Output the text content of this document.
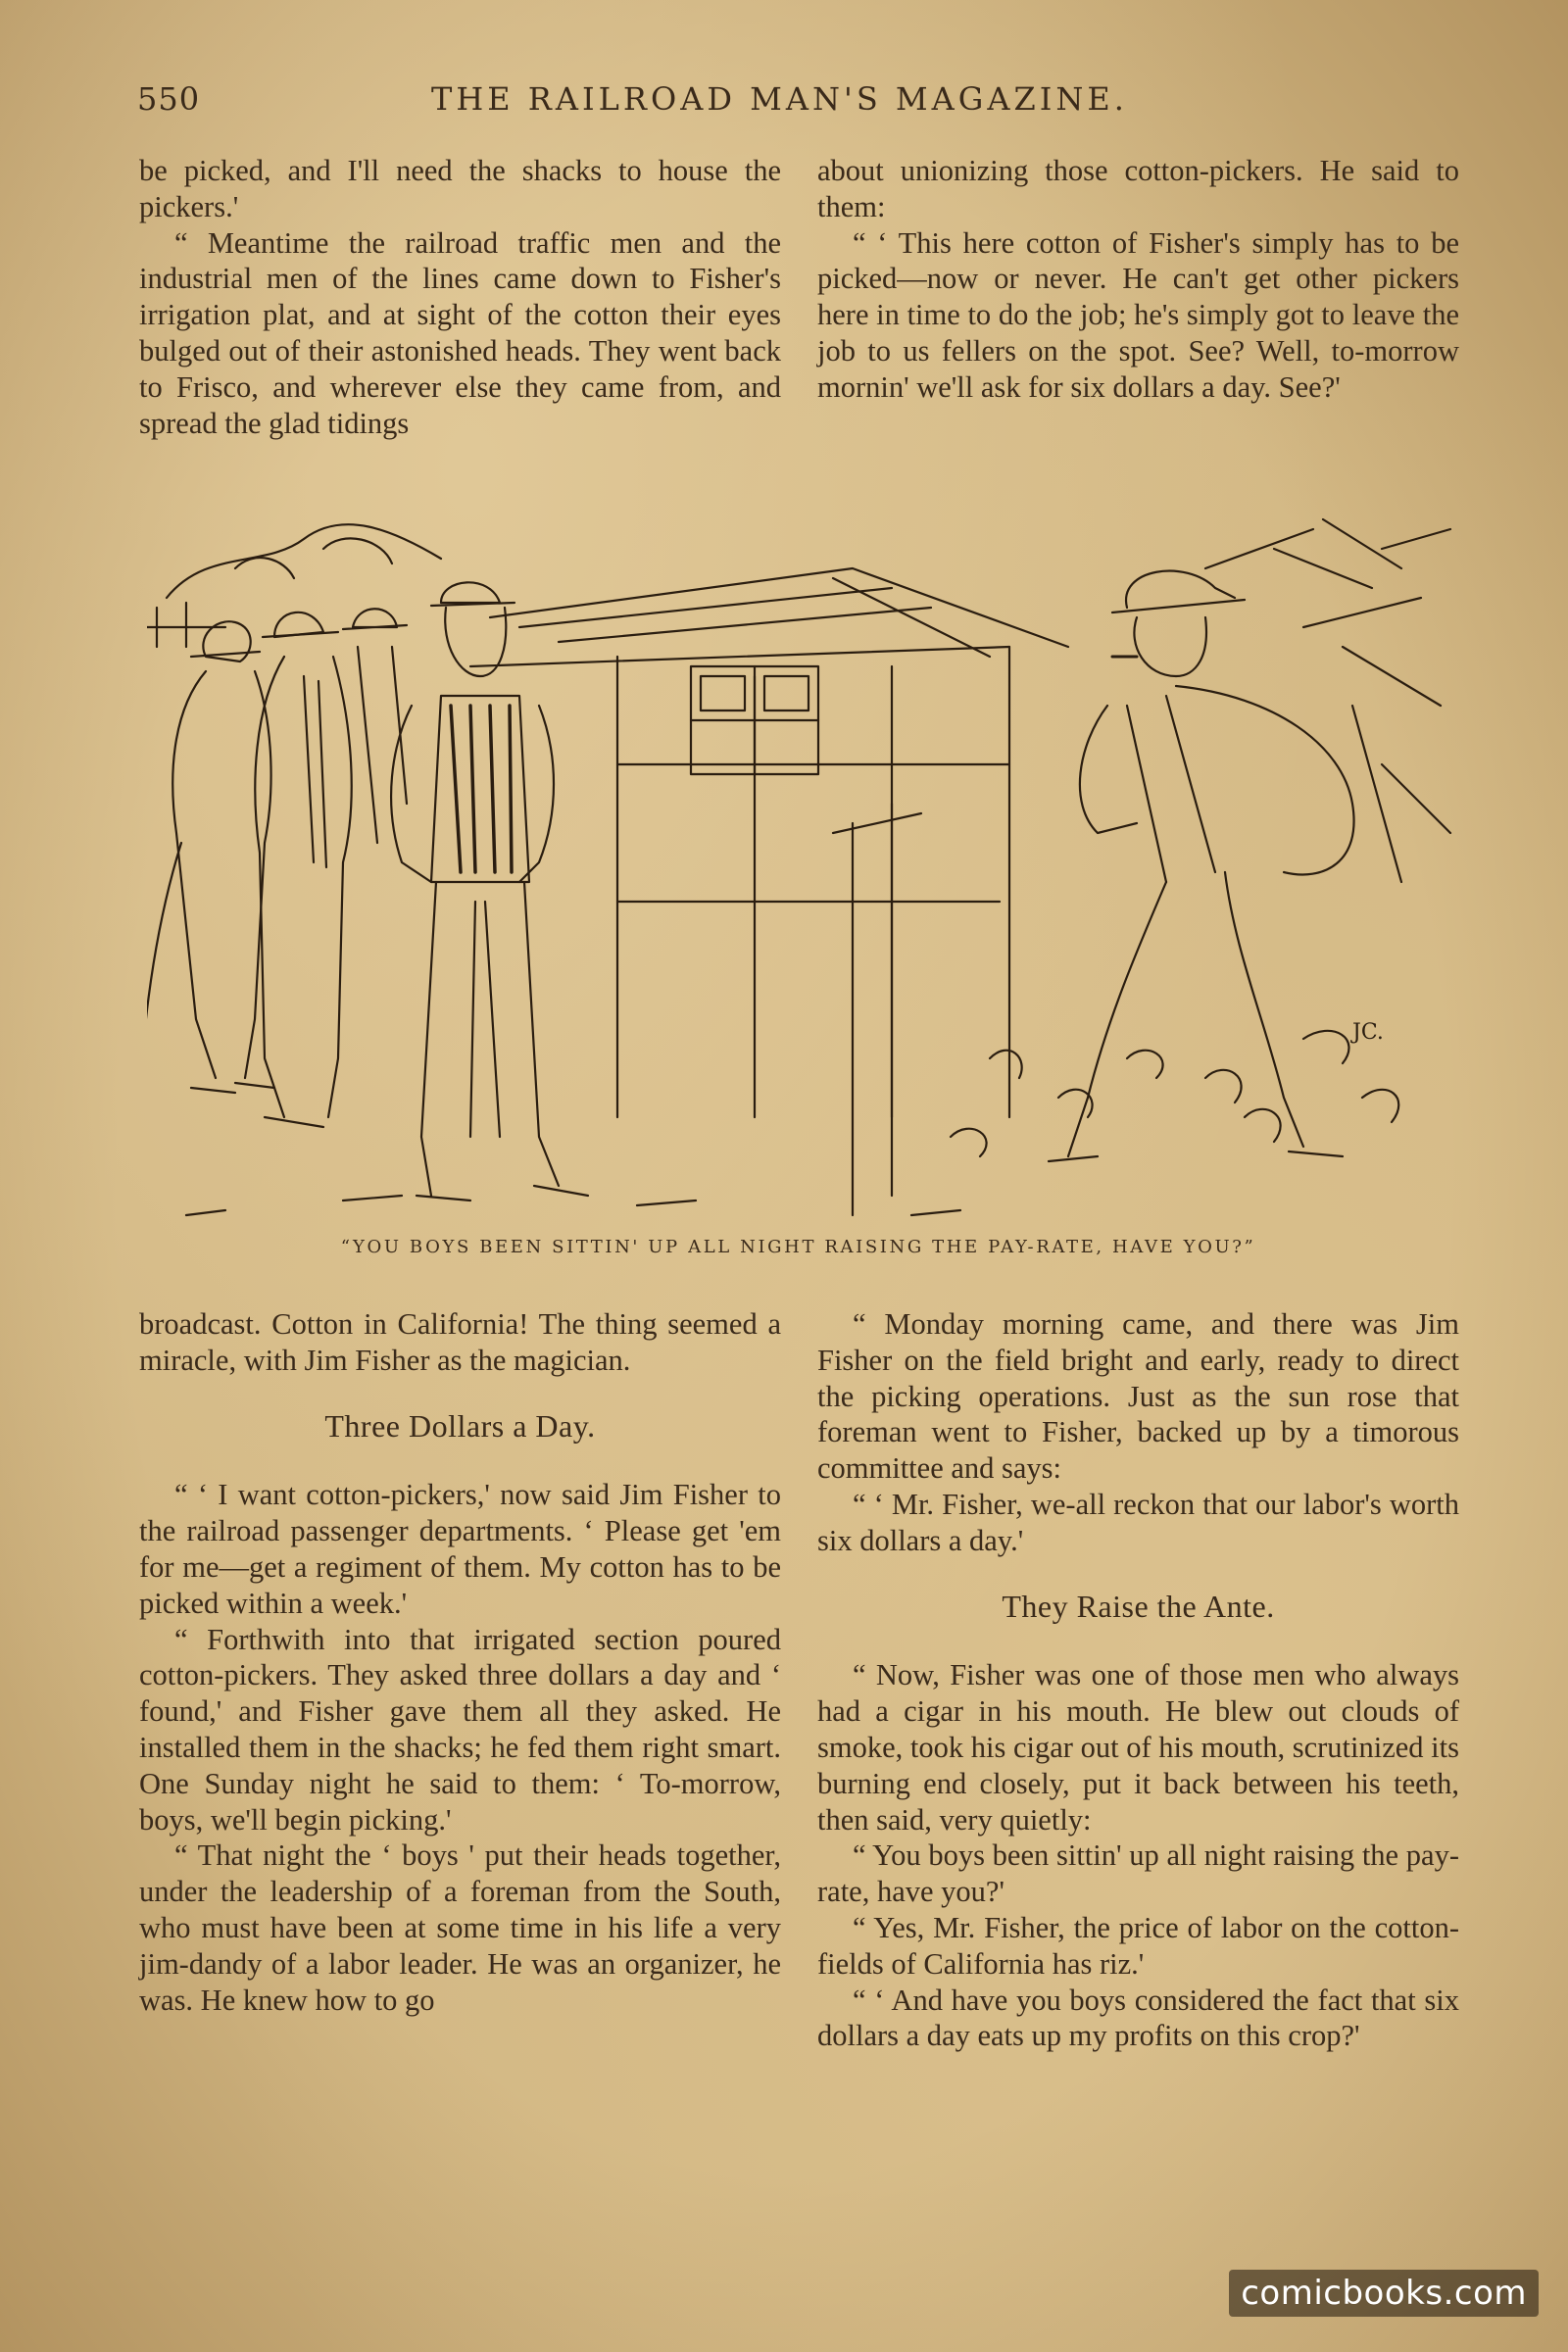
550	THE RAILROAD MAN'S MAGAZINE.

be picked, and I'll need the shacks to house the pickers.'

“ Meantime the railroad traffic men and the industrial men of the lines came down to Fisher's irrigation plat, and at sight of the cotton their eyes bulged out of their astonished heads. They went back to Frisco, and wherever else they came from, and spread the glad tidings

about unionizing those cotton-pickers. He said to them:

“ ‘ This here cotton of Fisher's simply has to be picked—now or never. He can't get other pickers here in time to do the job; he's simply got to leave the job to us fellers on the spot. See? Well, to-morrow mornin' we'll ask for six dollars a day. See?'

JC.
“YOU BOYS BEEN SITTIN' UP ALL NIGHT RAISING THE PAY-RATE, HAVE YOU?”

broadcast. Cotton in California! The thing seemed a miracle, with Jim Fisher as the magician.

Three Dollars a Day.

“ ‘ I want cotton-pickers,' now said Jim Fisher to the railroad passenger departments. ‘ Please get 'em for me—get a regiment of them. My cotton has to be picked within a week.'

“ Forthwith into that irrigated section poured cotton-pickers. They asked three dollars a day and ‘ found,' and Fisher gave them all they asked. He installed them in the shacks; he fed them right smart. One Sunday night he said to them: ‘ To-morrow, boys, we'll begin picking.'

“ That night the ‘ boys ' put their heads together, under the leadership of a foreman from the South, who must have been at some time in his life a very jim-dandy of a labor leader. He was an organizer, he was. He knew how to go

“ Monday morning came, and there was Jim Fisher on the field bright and early, ready to direct the picking operations. Just as the sun rose that foreman went to Fisher, backed up by a timorous committee and says:

“ ‘ Mr. Fisher, we-all reckon that our labor's worth six dollars a day.'

They Raise the Ante.

“ Now, Fisher was one of those men who always had a cigar in his mouth. He blew out clouds of smoke, took his cigar out of his mouth, scrutinized its burning end closely, put it back between his teeth, then said, very quietly:

“ You boys been sittin' up all night raising the pay-rate, have you?'

“ Yes, Mr. Fisher, the price of labor on the cotton-fields of California has riz.'

“ ‘ And have you boys considered the fact that six dollars a day eats up my profits on this crop?'

comicbooks.com
